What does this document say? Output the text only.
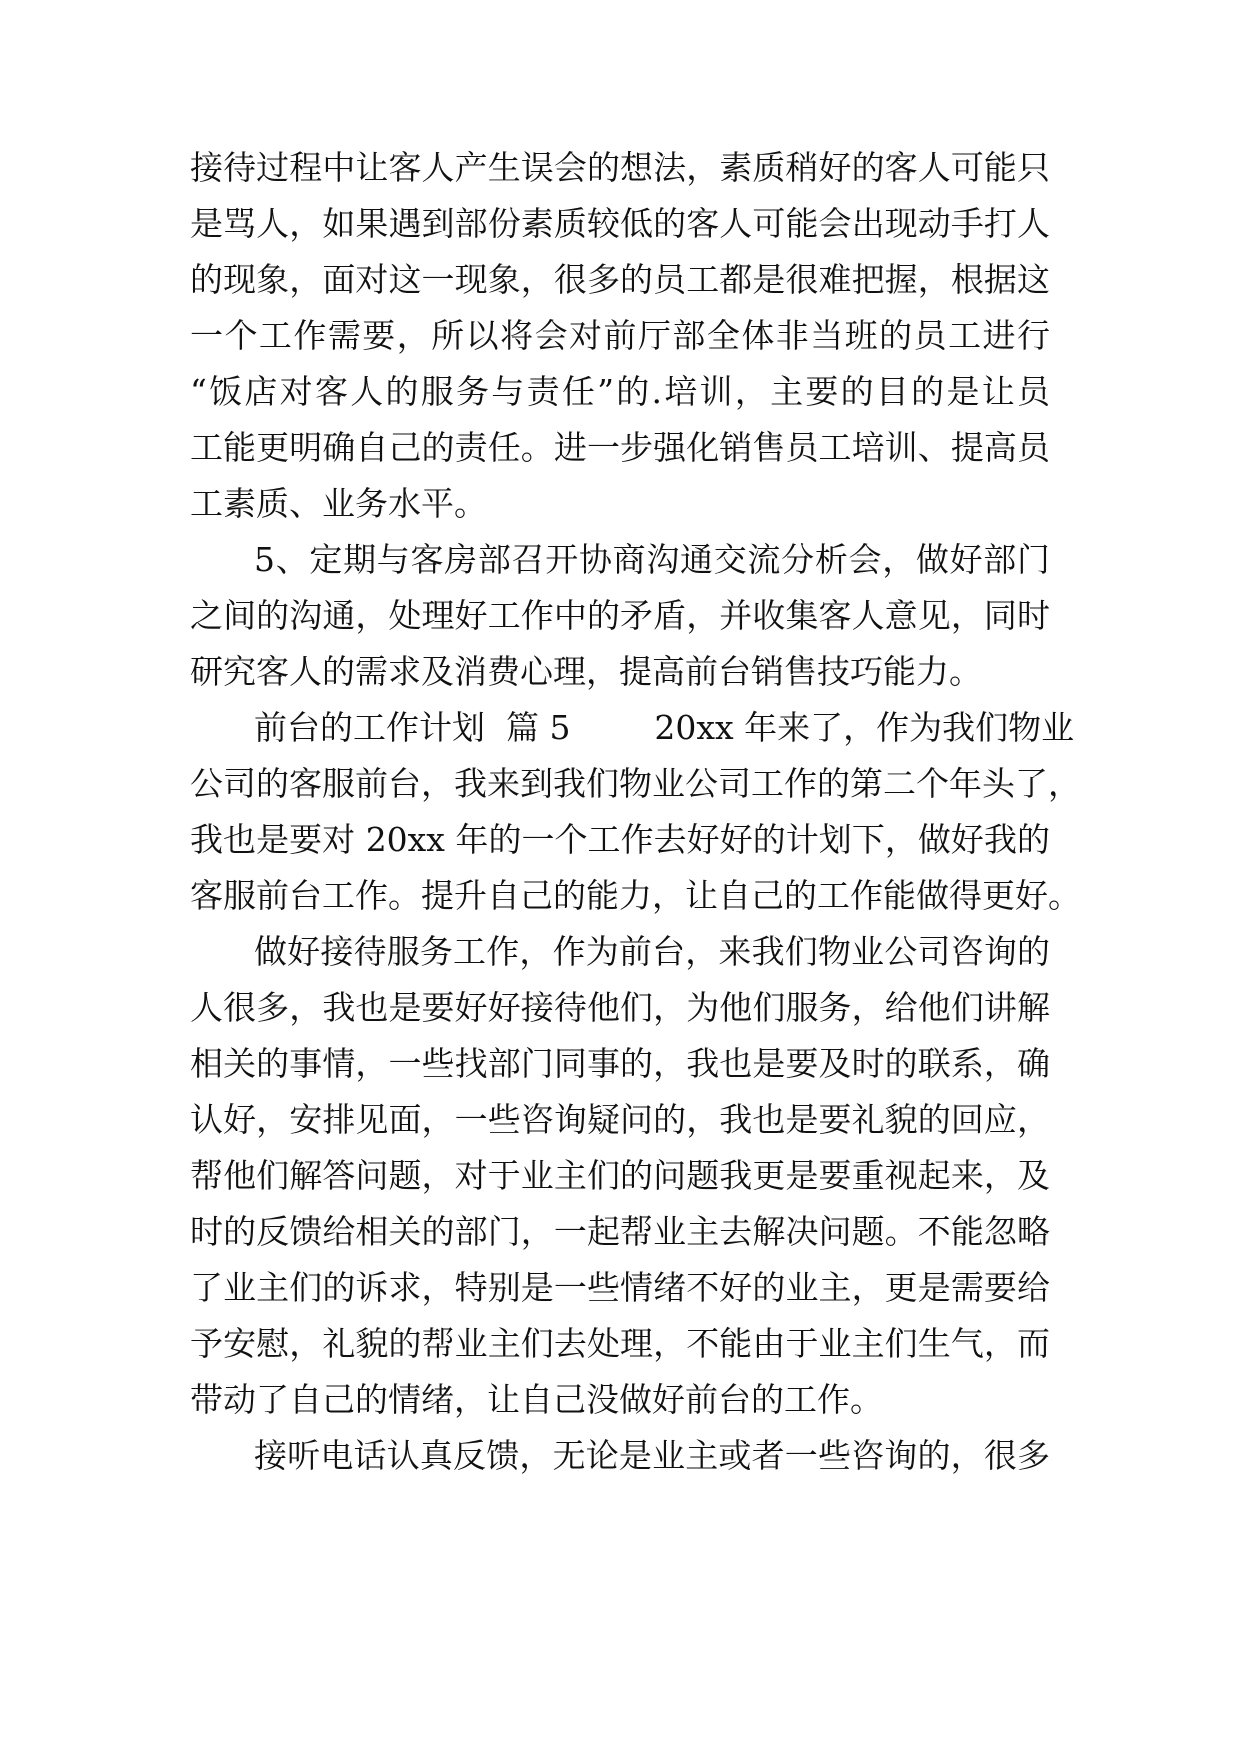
接待过程中让客人产生误会的想法，素质稍好的客人可能只
是骂人，如果遇到部份素质较低的客人可能会出现动手打人
的现象，面对这一现象，很多的员工都是很难把握，根据这
一个工作需要，所以将会对前厅部全体非当班的员工进行
“饭店对客人的服务与责任”的.培训，主要的目的是让员
工能更明确自己的责任。进一步强化销售员工培训、提高员
工素质、业务水平。
5、定期与客房部召开协商沟通交流分析会，做好部门
之间的沟通，处理好工作中的矛盾，并收集客人意见，同时
研究客人的需求及消费心理，提高前台销售技巧能力。
前台的工作计划  篇 5        20xx 年来了，作为我们物业
公司的客服前台，我来到我们物业公司工作的第二个年头了，
我也是要对 20xx 年的一个工作去好好的计划下，做好我的
客服前台工作。提升自己的能力，让自己的工作能做得更好。
做好接待服务工作，作为前台，来我们物业公司咨询的
人很多，我也是要好好接待他们，为他们服务，给他们讲解
相关的事情，一些找部门同事的，我也是要及时的联系，确
认好，安排见面，一些咨询疑问的，我也是要礼貌的回应，
帮他们解答问题，对于业主们的问题我更是要重视起来，及
时的反馈给相关的部门，一起帮业主去解决问题。不能忽略
了业主们的诉求，特别是一些情绪不好的业主，更是需要给
予安慰，礼貌的帮业主们去处理，不能由于业主们生气，而
带动了自己的情绪，让自己没做好前台的工作。
接听电话认真反馈，无论是业主或者一些咨询的，很多
